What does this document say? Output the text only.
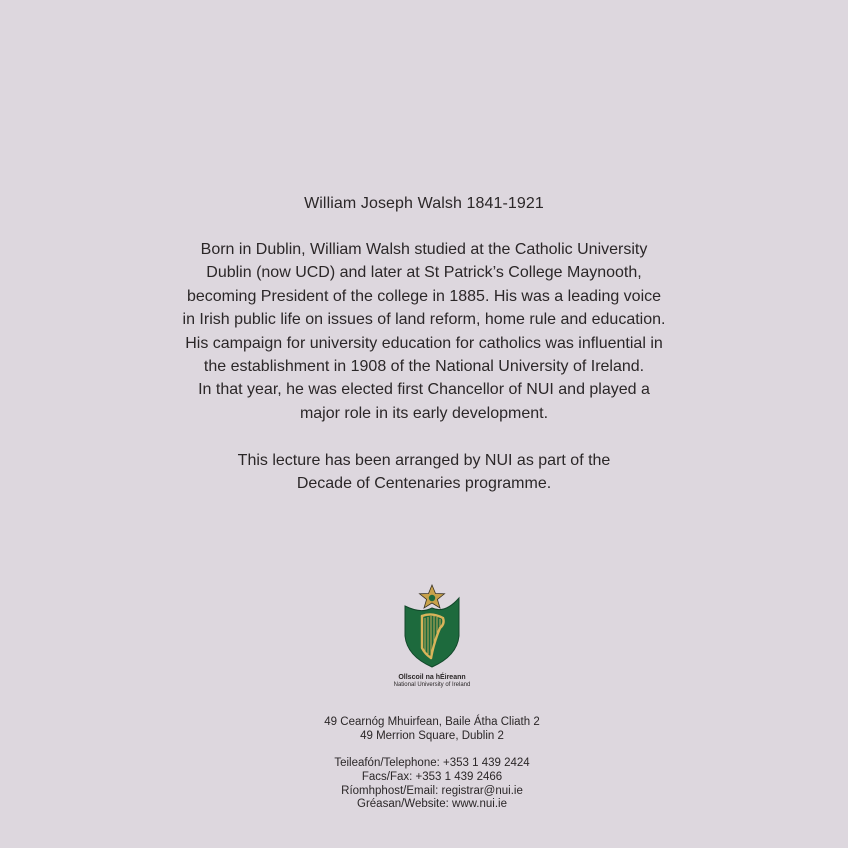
William Joseph Walsh 1841-1921
Born in Dublin, William Walsh studied at the Catholic University
Dublin (now UCD) and later at St Patrick’s College Maynooth,
becoming President of the college in 1885. His was a leading voice
in Irish public life on issues of land reform, home rule and education.
His campaign for university education for catholics was influential in
the establishment in 1908 of the National University of Ireland.
In that year, he was elected first Chancellor of NUI and played a
major role in its early development.
This lecture has been arranged by NUI as part of the
Decade of Centenaries programme.
Ollscoil na hÉireann
National University of Ireland
49 Cearnóg Mhuirfean, Baile Átha Cliath 2
49 Merrion Square, Dublin 2
Teileafón/Telephone: +353 1 439 2424
Facs/Fax: +353 1 439 2466
Ríomhphost/Email: registrar@nui.ie
Gréasan/Website: www.nui.ie
